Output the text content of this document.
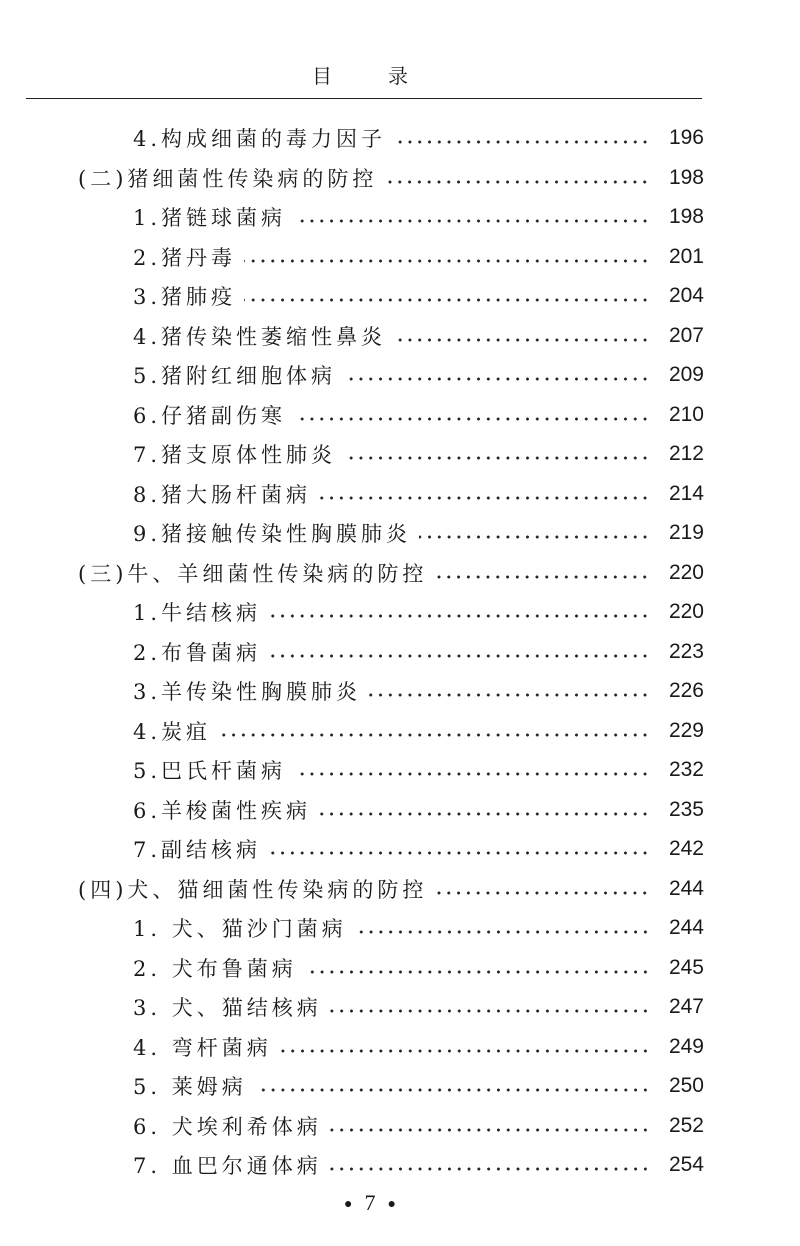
目录
4.构成细菌的毒力因子	196
(二)猪细菌性传染病的防控	198
1.猪链球菌病	198
2.猪丹毒	201
3.猪肺疫	204
4.猪传染性萎缩性鼻炎	207
5.猪附红细胞体病	209
6.仔猪副伤寒	210
7.猪支原体性肺炎	212
8.猪大肠杆菌病	214
9.猪接触传染性胸膜肺炎	219
(三)牛、羊细菌性传染病的防控	220
1.牛结核病	220
2.布鲁菌病	223
3.羊传染性胸膜肺炎	226
4.炭疽	229
5.巴氏杆菌病	232
6.羊梭菌性疾病	235
7.副结核病	242
(四)犬、猫细菌性传染病的防控	244
1. 犬、猫沙门菌病	244
2. 犬布鲁菌病	245
3. 犬、猫结核病	247
4. 弯杆菌病	249
5. 莱姆病	250
6. 犬埃利希体病	252
7. 血巴尔通体病	254
● 7 ●
